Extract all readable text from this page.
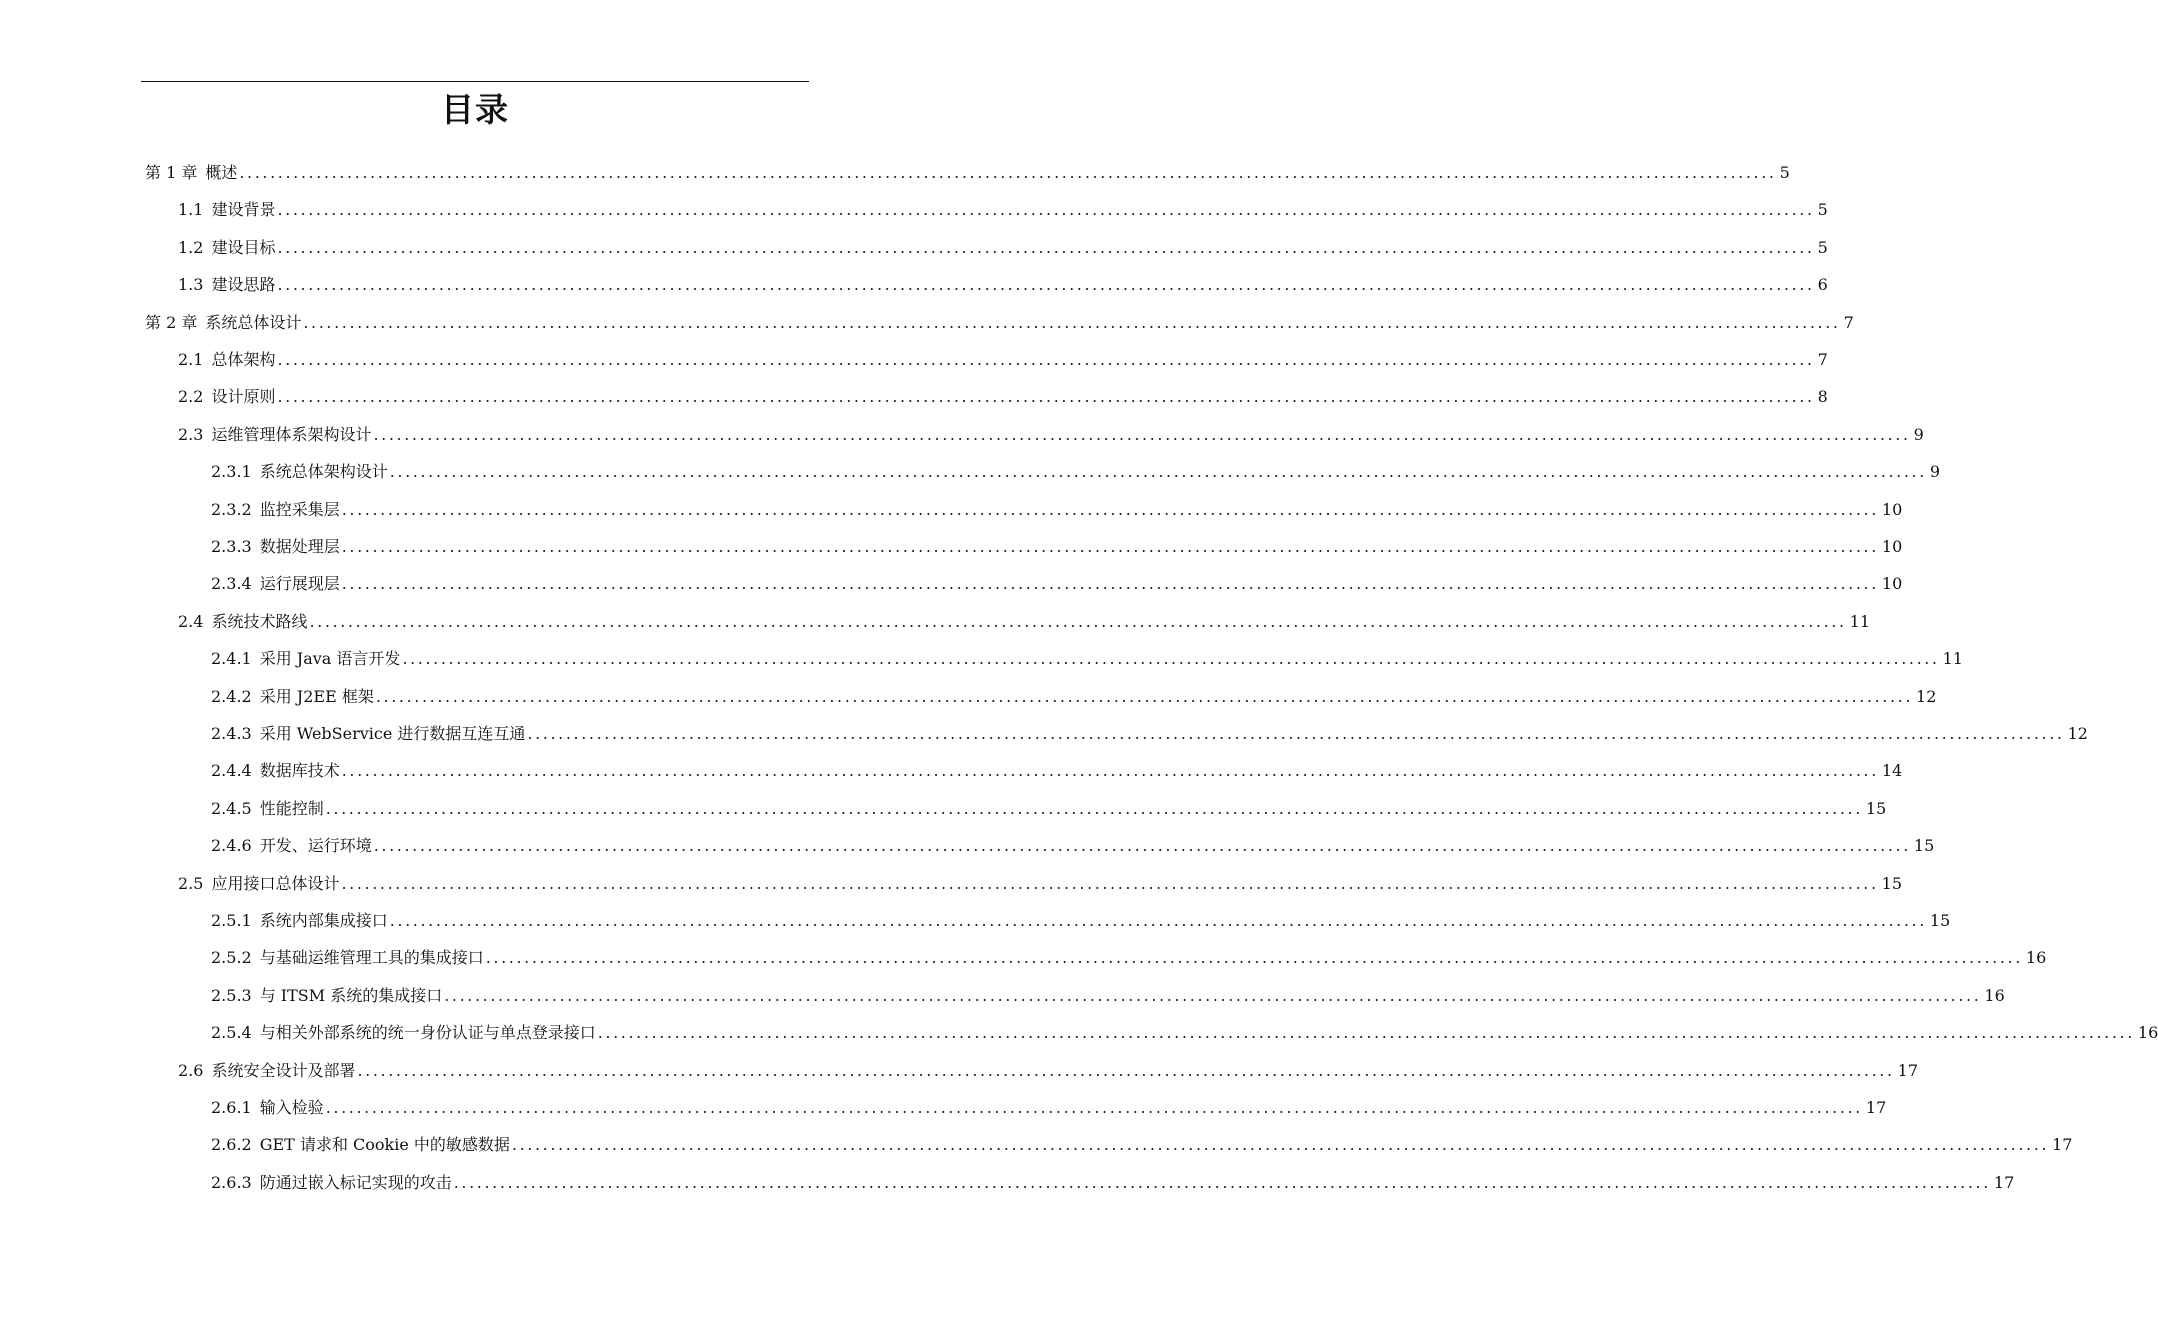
目录
第 1 章 概述 ........................................................................................................................................................................................................ 5
1.1 建设背景 ........................................................................................................................................................................................................ 5
1.2 建设目标 ........................................................................................................................................................................................................ 5
1.3 建设思路 ........................................................................................................................................................................................................ 6
第 2 章 系统总体设计 ........................................................................................................................................................................................................ 7
2.1 总体架构 ........................................................................................................................................................................................................ 7
2.2 设计原则 ........................................................................................................................................................................................................ 8
2.3 运维管理体系架构设计 ........................................................................................................................................................................................................ 9
2.3.1 系统总体架构设计 ........................................................................................................................................................................................................ 9
2.3.2 监控采集层 ........................................................................................................................................................................................................ 10
2.3.3 数据处理层 ........................................................................................................................................................................................................ 10
2.3.4 运行展现层 ........................................................................................................................................................................................................ 10
2.4 系统技术路线 ........................................................................................................................................................................................................ 11
2.4.1 采用 Java 语言开发 ........................................................................................................................................................................................................ 11
2.4.2 采用 J2EE 框架 ........................................................................................................................................................................................................ 12
2.4.3 采用 WebService 进行数据互连互通 ........................................................................................................................................................................................................ 12
2.4.4 数据库技术 ........................................................................................................................................................................................................ 14
2.4.5 性能控制 ........................................................................................................................................................................................................ 15
2.4.6 开发、运行环境 ........................................................................................................................................................................................................ 15
2.5 应用接口总体设计 ........................................................................................................................................................................................................ 15
2.5.1 系统内部集成接口 ........................................................................................................................................................................................................ 15
2.5.2 与基础运维管理工具的集成接口 ........................................................................................................................................................................................................ 16
2.5.3 与 ITSM 系统的集成接口 ........................................................................................................................................................................................................ 16
2.5.4 与相关外部系统的统一身份认证与单点登录接口 ........................................................................................................................................................................................................ 16
2.6 系统安全设计及部署 ........................................................................................................................................................................................................ 17
2.6.1 输入检验 ........................................................................................................................................................................................................ 17
2.6.2 GET 请求和 Cookie 中的敏感数据 ........................................................................................................................................................................................................ 17
2.6.3 防通过嵌入标记实现的攻击 ........................................................................................................................................................................................................ 17
